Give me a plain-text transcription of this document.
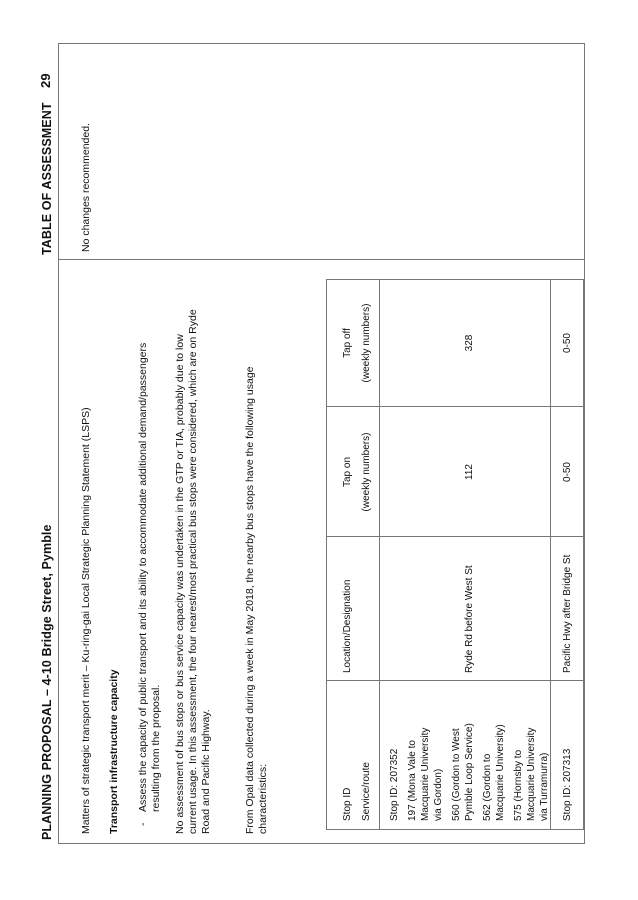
PLANNING PROPOSAL – 4-10 Bridge Street, Pymble
TABLE OF ASSESSMENT
29
Matters of strategic transport merit – Ku-ring-gai Local Strategic Planning Statement (LSPS) Transport infrastructure capacity -
Assess the capacity of public transport and its ability to accommodate additional demand/passengers resulting from the proposal. No assessment of bus stops or bus service capacity was undertaken in the GTP or TIA, probably due to low current usage. In this assessment, the four nearest/most practical bus stops were considered, which are on Ryde Road and Pacific Highway.	From Opal data collected during a week in May 2018, the nearby bus stops have the following usage characteristics:
No changes recommended.
Stop ID Service/route
Location/Designation
Tap on (weekly numbers)
Tap off (weekly numbers)
Stop ID: 207352 197 (Mona Vale to Macquarie University via Gordon) 560 (Gordon to West Pymble Loop Service) 562 (Gordon to Macquarie University) 575 (Hornsby to Macquarie University via Turramurra)
Ryde Rd before West St
112
328
Stop ID: 207313
Pacific Hwy after Bridge St
0-50
0-50
